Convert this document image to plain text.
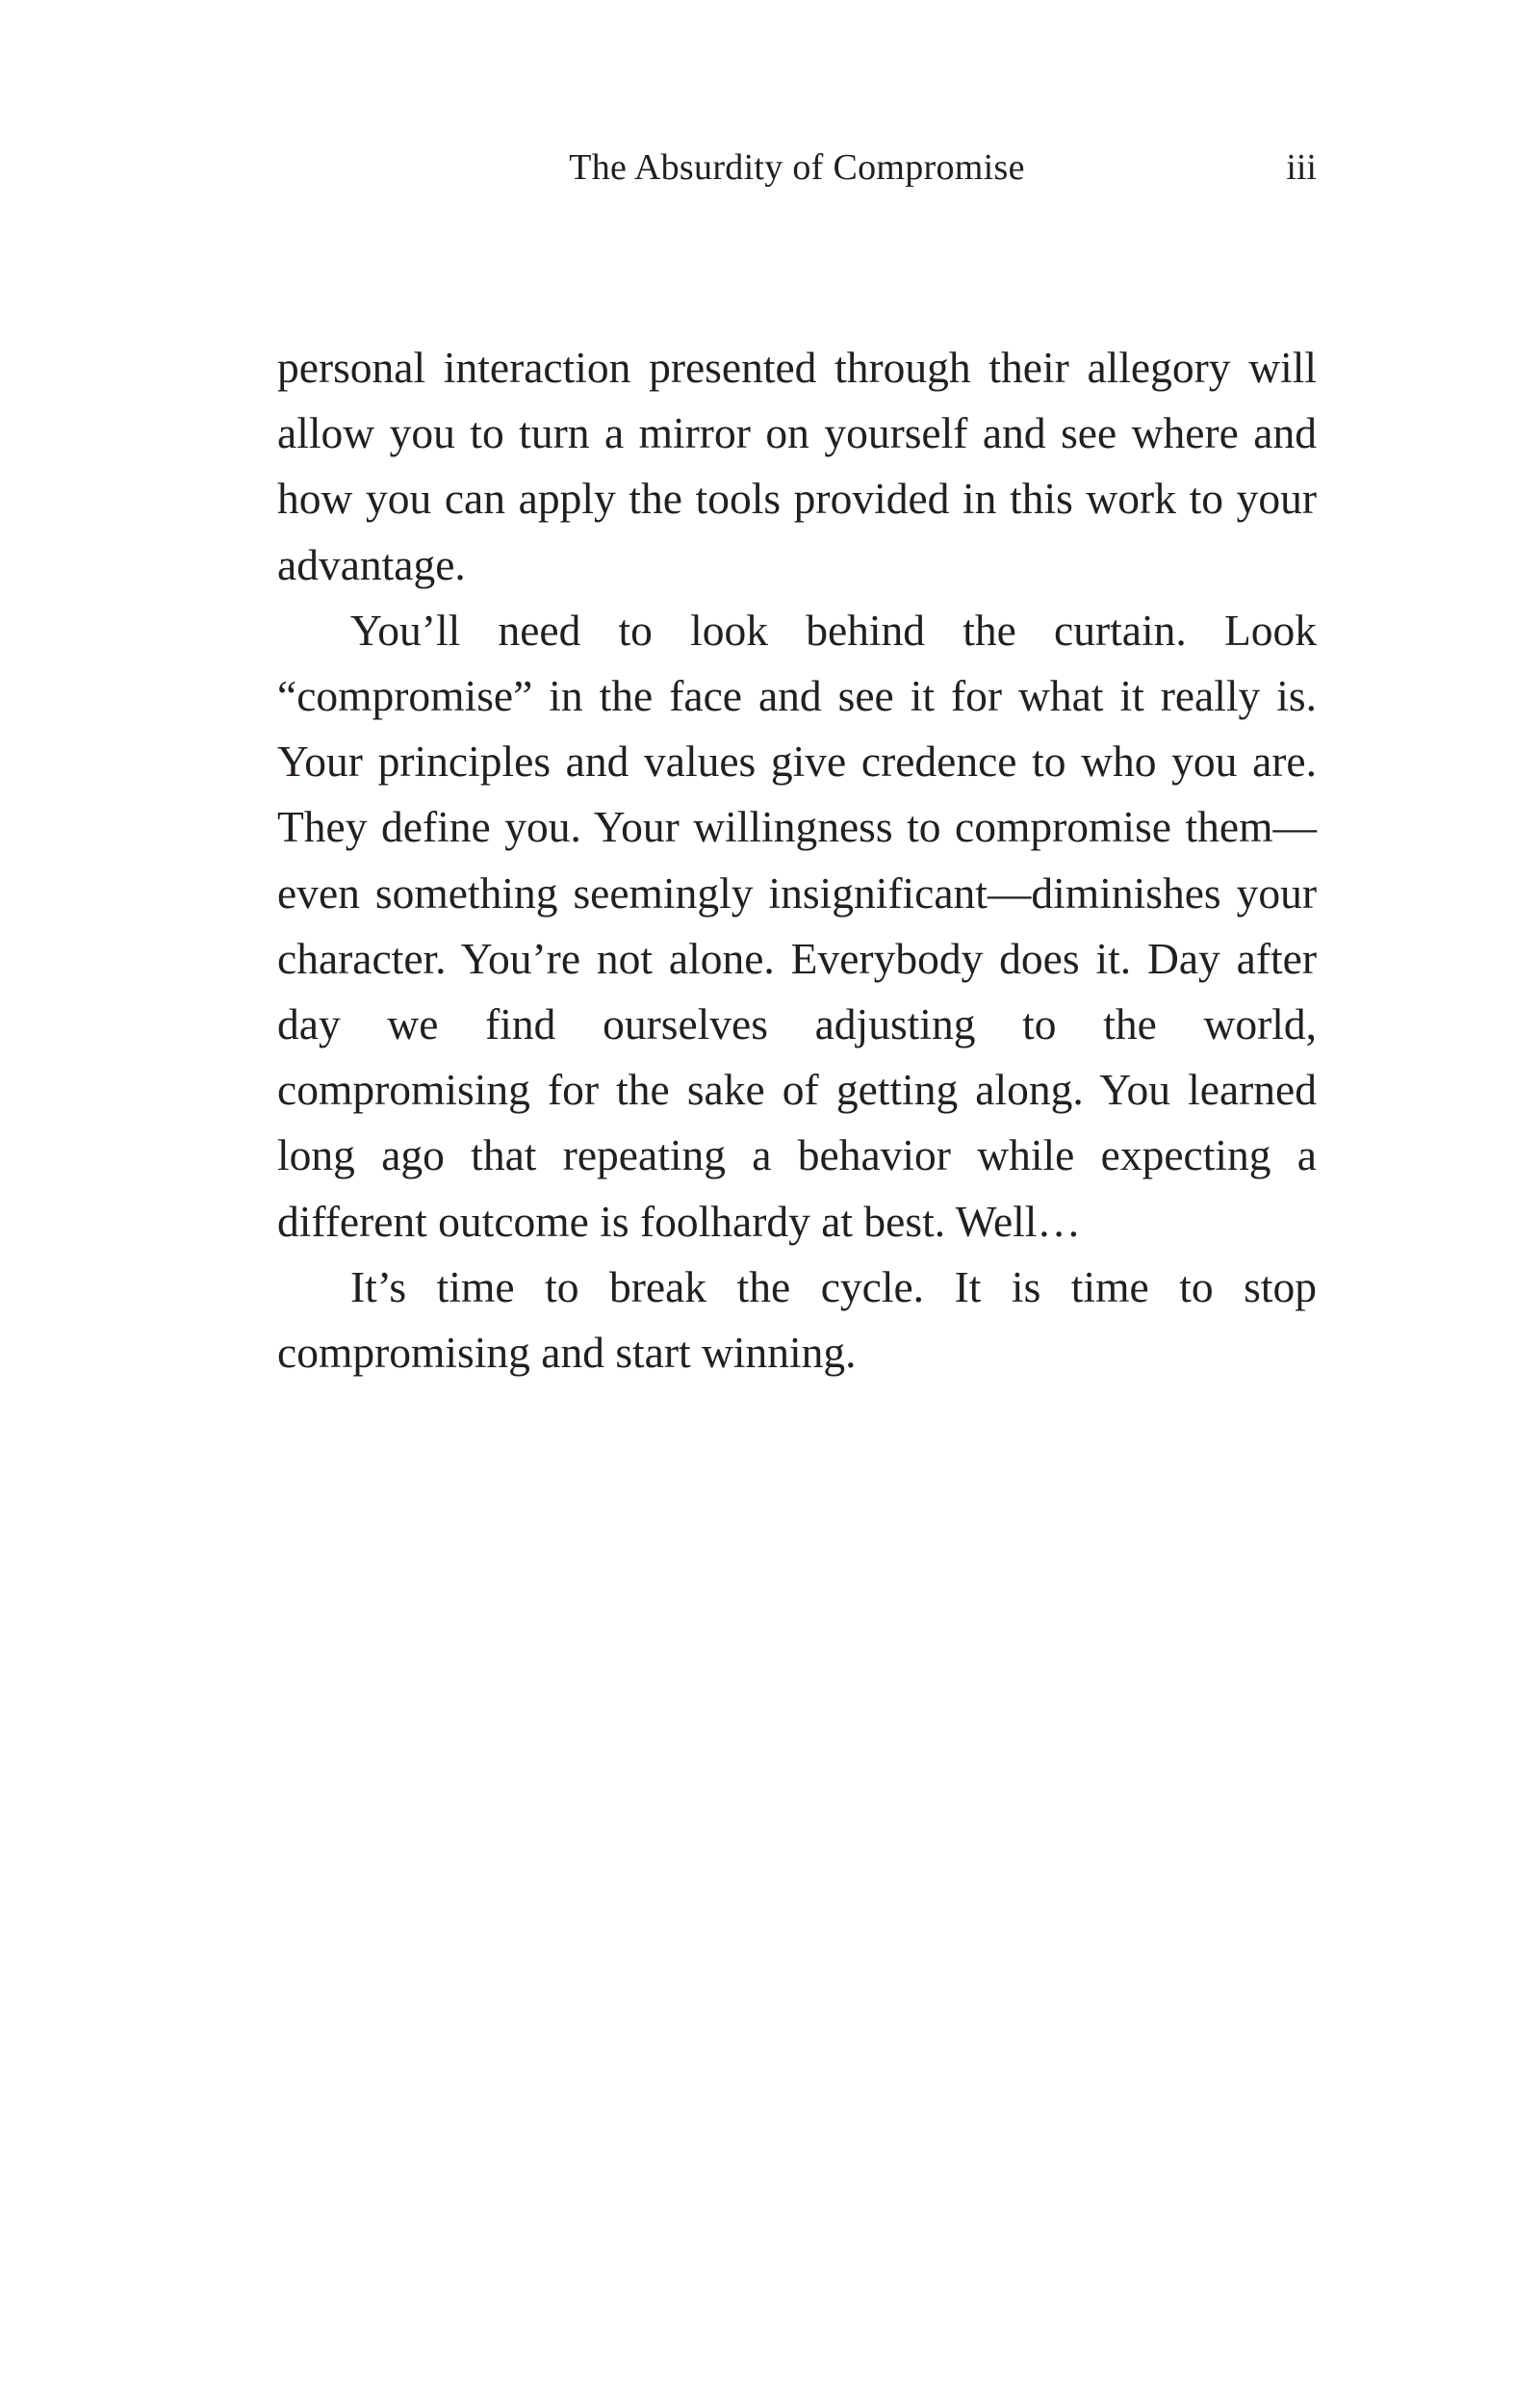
The Absurdity of Compromise	iii

personal interaction presented through their allegory will allow you to turn a mirror on yourself and see where and how you can apply the tools provided in this work to your advantage.

You’ll need to look behind the curtain. Look “compromise” in the face and see it for what it really is. Your principles and values give credence to who you are. They define you. Your willingness to compromise them—even something seemingly insignificant—diminishes your character. You’re not alone. Everybody does it. Day after day we find ourselves adjusting to the world, compromising for the sake of getting along. You learned long ago that repeating a behavior while expecting a different outcome is foolhardy at best. Well…

It’s time to break the cycle. It is time to stop compromising and start winning.
